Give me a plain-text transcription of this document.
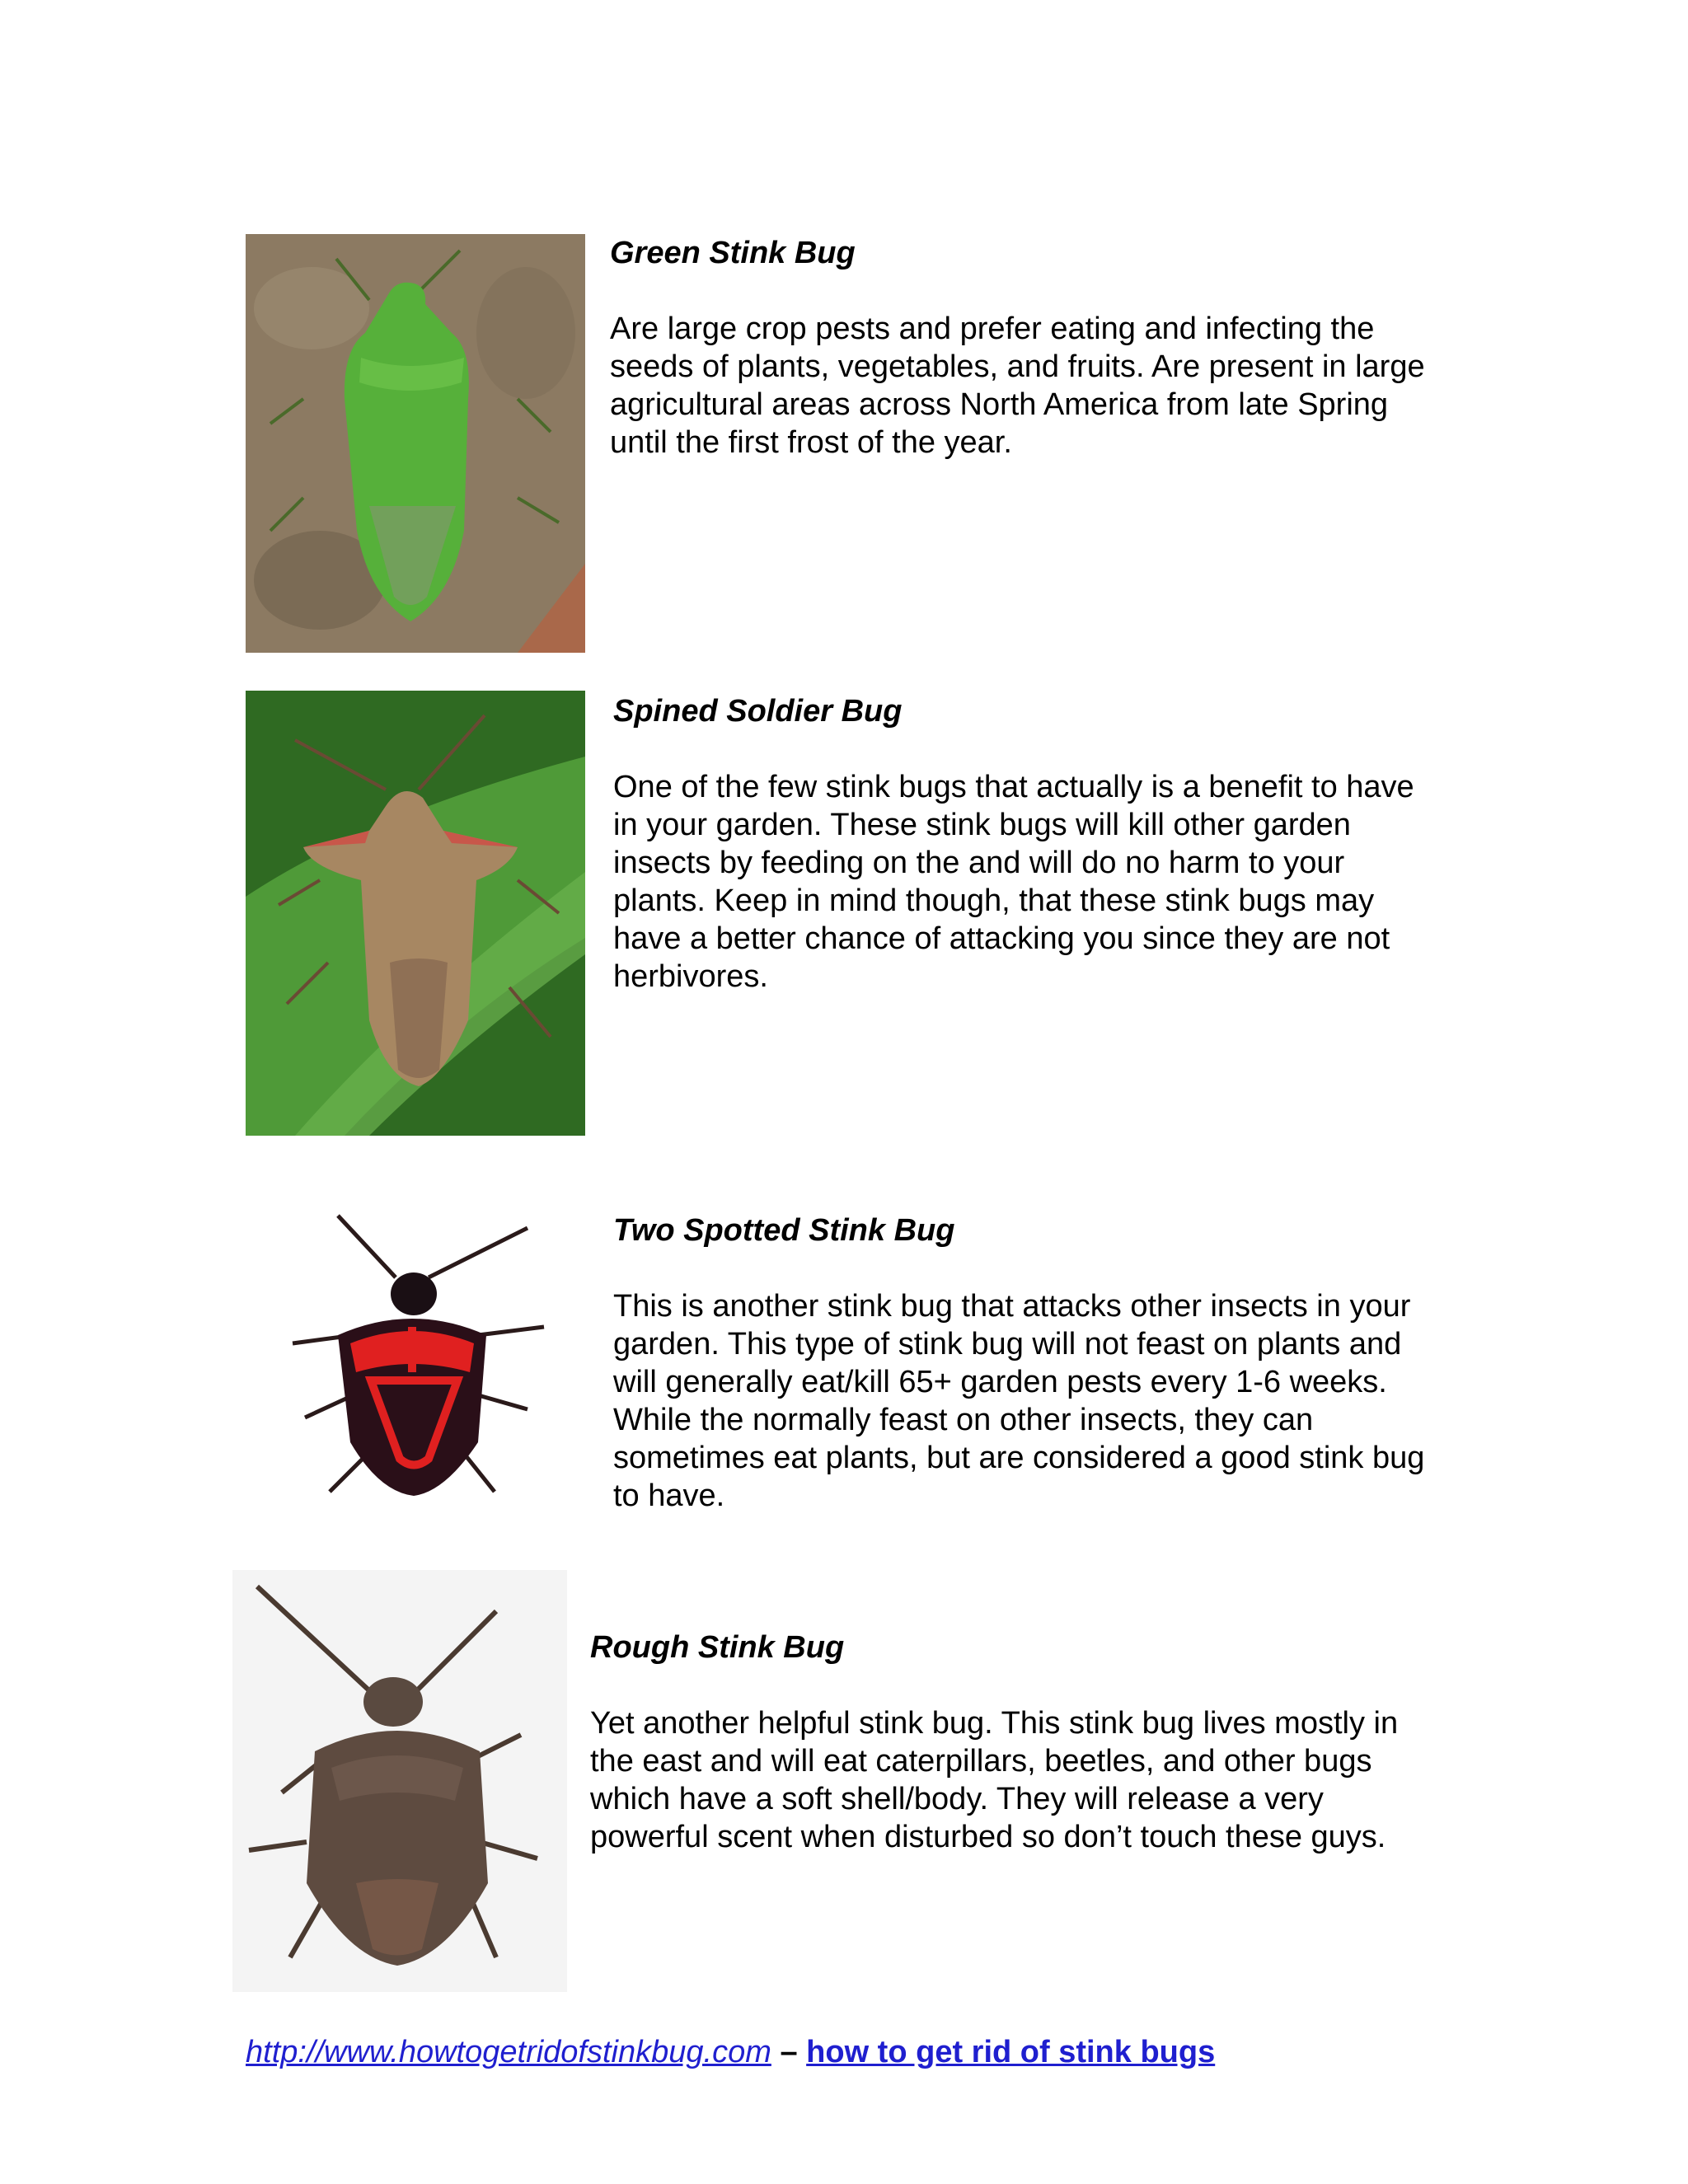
Green Stink Bug

Are large crop pests and prefer eating and infecting the seeds of plants, vegetables, and fruits. Are present in large agricultural areas across North America from late Spring until the first frost of the year.

Spined Soldier Bug

One of the few stink bugs that actually is a benefit to have in your garden. These stink bugs will kill other garden insects by feeding on the and will do no harm to your plants. Keep in mind though, that these stink bugs may have a better chance of attacking you since they are not herbivores.

Two Spotted Stink Bug

This is another stink bug that attacks other insects in your garden. This type of stink bug will not feast on plants and will generally eat/kill 65+ garden pests every 1-6 weeks. While the normally feast on other insects, they can sometimes eat plants, but are considered a good stink bug to have.

Rough Stink Bug

Yet another helpful stink bug. This stink bug lives mostly in the east and will eat caterpillars, beetles, and other bugs which have a soft shell/body. They will release a very powerful scent when disturbed so don’t touch these guys.

http://www.howtogetridofstinkbug.com – how to get rid of stink bugs
